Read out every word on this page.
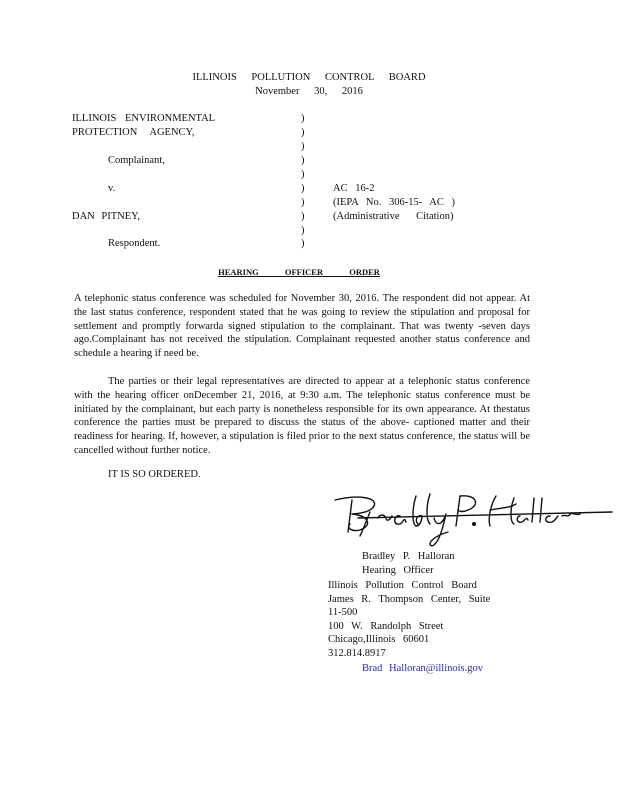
ILLINOIS POLLUTION CONTROL BOARD
November 30, 2016
ILLINOIS ENVIRONMENTAL
PROTECTION AGENCY,
Complainant,
v.
DAN PITNEY,
Respondent.
)
)
)
)
)
)
)
)
)
)
AC 16-2
(IEPA No. 306-15- AC )
(Administrative Citation)
HEARING OFFICER ORDER

A telephonic status conference was scheduled for November 30, 2016. The respondent did not appear. At the last status conference, respondent stated that he was going to review the stipulation and proposal for settlement and promptly forwarda signed stipulation to the complainant. That was twenty -seven days ago.Complainant has not received the stipulation. Complainant requested another status conference and schedule a hearing if need be.

The parties or their legal representatives are directed to appear at a telephonic status conference with the hearing officer onDecember 21, 2016, at 9:30 a.m. The telephonic status conference must be initiated by the complainant, but each party is nonetheless responsible for its own appearance. At thestatus conference the parties must be prepared to discuss the status of the above- captioned matter and their readiness for hearing. If, however, a stipulation is filed prior to the next status conference, the status will be cancelled without further notice.

IT IS SO ORDERED.
Bradley P. Halloran
Hearing Officer
Illinois Pollution Control Board
James R. Thompson Center, Suite
11-500
100 W. Randolph Street
Chicago,Illinois 60601
312.814.8917
Brad Halloran@illinois.gov
